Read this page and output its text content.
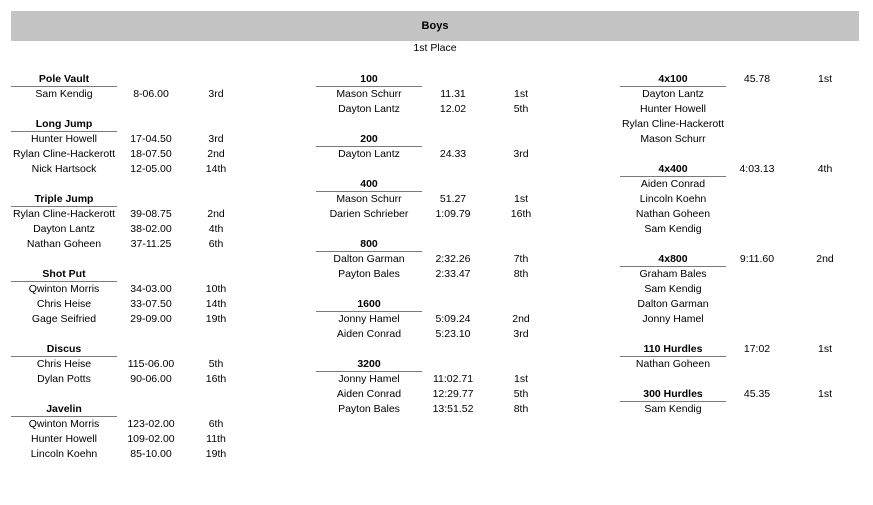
Boys
1st Place
Pole Vault
Sam Kendig	8-06.00	3rd
Long Jump
Hunter Howell	17-04.50	3rd
Rylan Cline-Hackerott	18-07.50	2nd
Nick Hartsock	12-05.00	14th
Triple Jump
Rylan Cline-Hackerott	39-08.75	2nd
Dayton Lantz	38-02.00	4th
Nathan Goheen	37-11.25	6th
Shot Put
Qwinton Morris	34-03.00	10th
Chris Heise	33-07.50	14th
Gage Seifried	29-09.00	19th
Discus
Chris Heise	115-06.00	5th
Dylan Potts	90-06.00	16th
Javelin
Qwinton Morris	123-02.00	6th
Hunter Howell	109-02.00	11th
Lincoln Koehn	85-10.00	19th
100
Mason Schurr	11.31	1st
Dayton Lantz	12.02	5th
200
Dayton Lantz	24.33	3rd
400
Mason Schurr	51.27	1st
Darien Schrieber	1:09.79	16th
800
Dalton Garman	2:32.26	7th
Payton Bales	2:33.47	8th
1600
Jonny Hamel	5:09.24	2nd
Aiden Conrad	5:23.10	3rd
3200
Jonny Hamel	11:02.71	1st
Aiden Conrad	12:29.77	5th
Payton Bales	13:51.52	8th
4x100	45.78	1st
Dayton Lantz
Hunter Howell
Rylan Cline-Hackerott
Mason Schurr
4x400	4:03.13	4th
Aiden Conrad
Lincoln Koehn
Nathan Goheen
Sam Kendig
4x800	9:11.60	2nd
Graham Bales
Sam Kendig
Dalton Garman
Jonny Hamel
110 Hurdles	17:02	1st
Nathan Goheen
300 Hurdles	45.35	1st
Sam Kendig
